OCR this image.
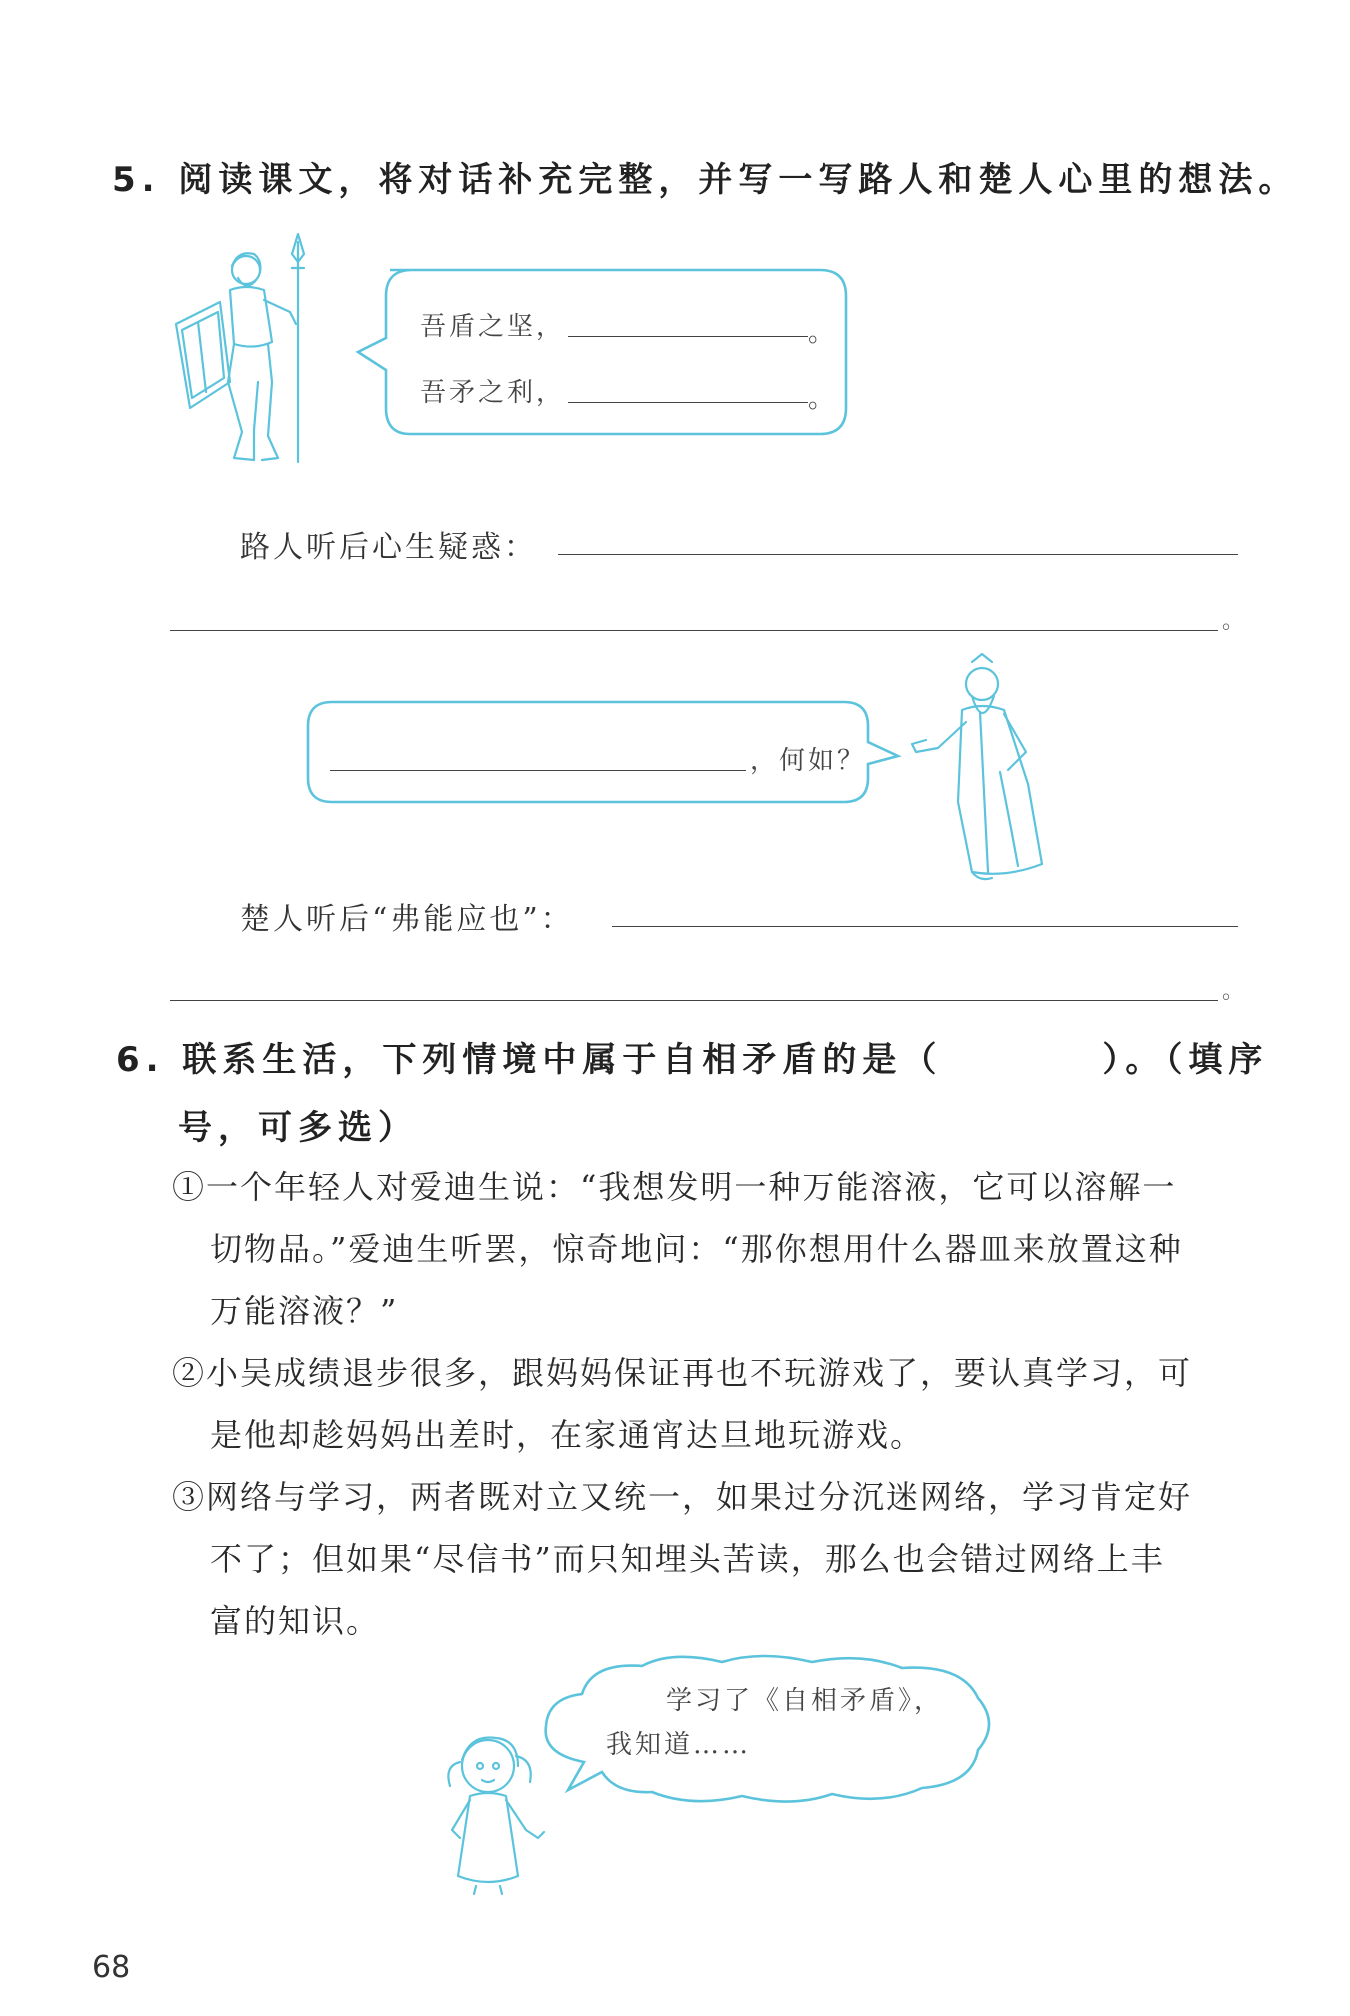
5. 阅读课文，将对话补充完整，并写一写路人和楚人心里的想法。
吾盾之坚，	。
吾矛之利，	。
路人听后心生疑惑：
。
，何如？
楚人听后“弗能应也”：
。
6. 联系生活，下列情境中属于自相矛盾的是（　　　　）。（填序
号，可多选）
①一个年轻人对爱迪生说：“我想发明一种万能溶液，它可以溶解一
切物品。”爱迪生听罢，惊奇地问：“那你想用什么器皿来放置这种
万能溶液？”
②小吴成绩退步很多，跟妈妈保证再也不玩游戏了，要认真学习，可
是他却趁妈妈出差时，在家通宵达旦地玩游戏。
③网络与学习，两者既对立又统一，如果过分沉迷网络，学习肯定好
不了；但如果“尽信书”而只知埋头苦读，那么也会错过网络上丰
富的知识。
学习了《自相矛盾》，
我知道……
68
